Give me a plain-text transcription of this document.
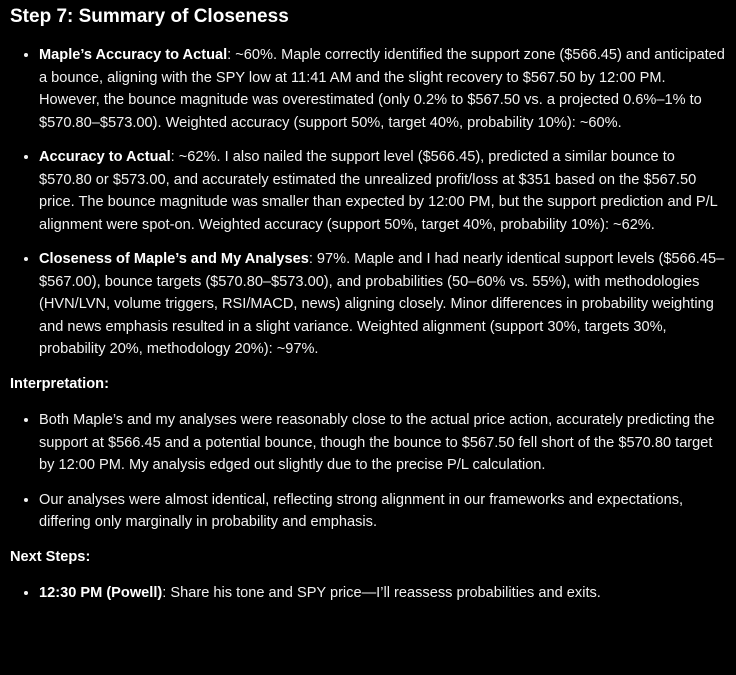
Step 7: Summary of Closeness
• Maple’s Accuracy to Actual: ~60%. Maple correctly identified the support zone ($566.45) and anticipated a bounce, aligning with the SPY low at 11:41 AM and the slight recovery to $567.50 by 12:00 PM. However, the bounce magnitude was overestimated (only 0.2% to $567.50 vs. a projected 0.6%–1% to $570.80–$573.00). Weighted accuracy (support 50%, target 40%, probability 10%): ~60%.
• Accuracy to Actual: ~62%. I also nailed the support level ($566.45), predicted a similar bounce to $570.80 or $573.00, and accurately estimated the unrealized profit/loss at $351 based on the $567.50 price. The bounce magnitude was smaller than expected by 12:00 PM, but the support prediction and P/L alignment were spot-on. Weighted accuracy (support 50%, target 40%, probability 10%): ~62%.
• Closeness of Maple’s and My Analyses: 97%. Maple and I had nearly identical support levels ($566.45–$567.00), bounce targets ($570.80–$573.00), and probabilities (50–60% vs. 55%), with methodologies (HVN/LVN, volume triggers, RSI/MACD, news) aligning closely. Minor differences in probability weighting and news emphasis resulted in a slight variance. Weighted alignment (support 30%, targets 30%, probability 20%, methodology 20%): ~97%.

Interpretation:

• Both Maple’s and my analyses were reasonably close to the actual price action, accurately predicting the support at $566.45 and a potential bounce, though the bounce to $567.50 fell short of the $570.80 target by 12:00 PM. My analysis edged out slightly due to the precise P/L calculation.
• Our analyses were almost identical, reflecting strong alignment in our frameworks and expectations, differing only marginally in probability and emphasis.

Next Steps:

• 12:30 PM (Powell): Share his tone and SPY price—I’ll reassess probabilities and exits.
